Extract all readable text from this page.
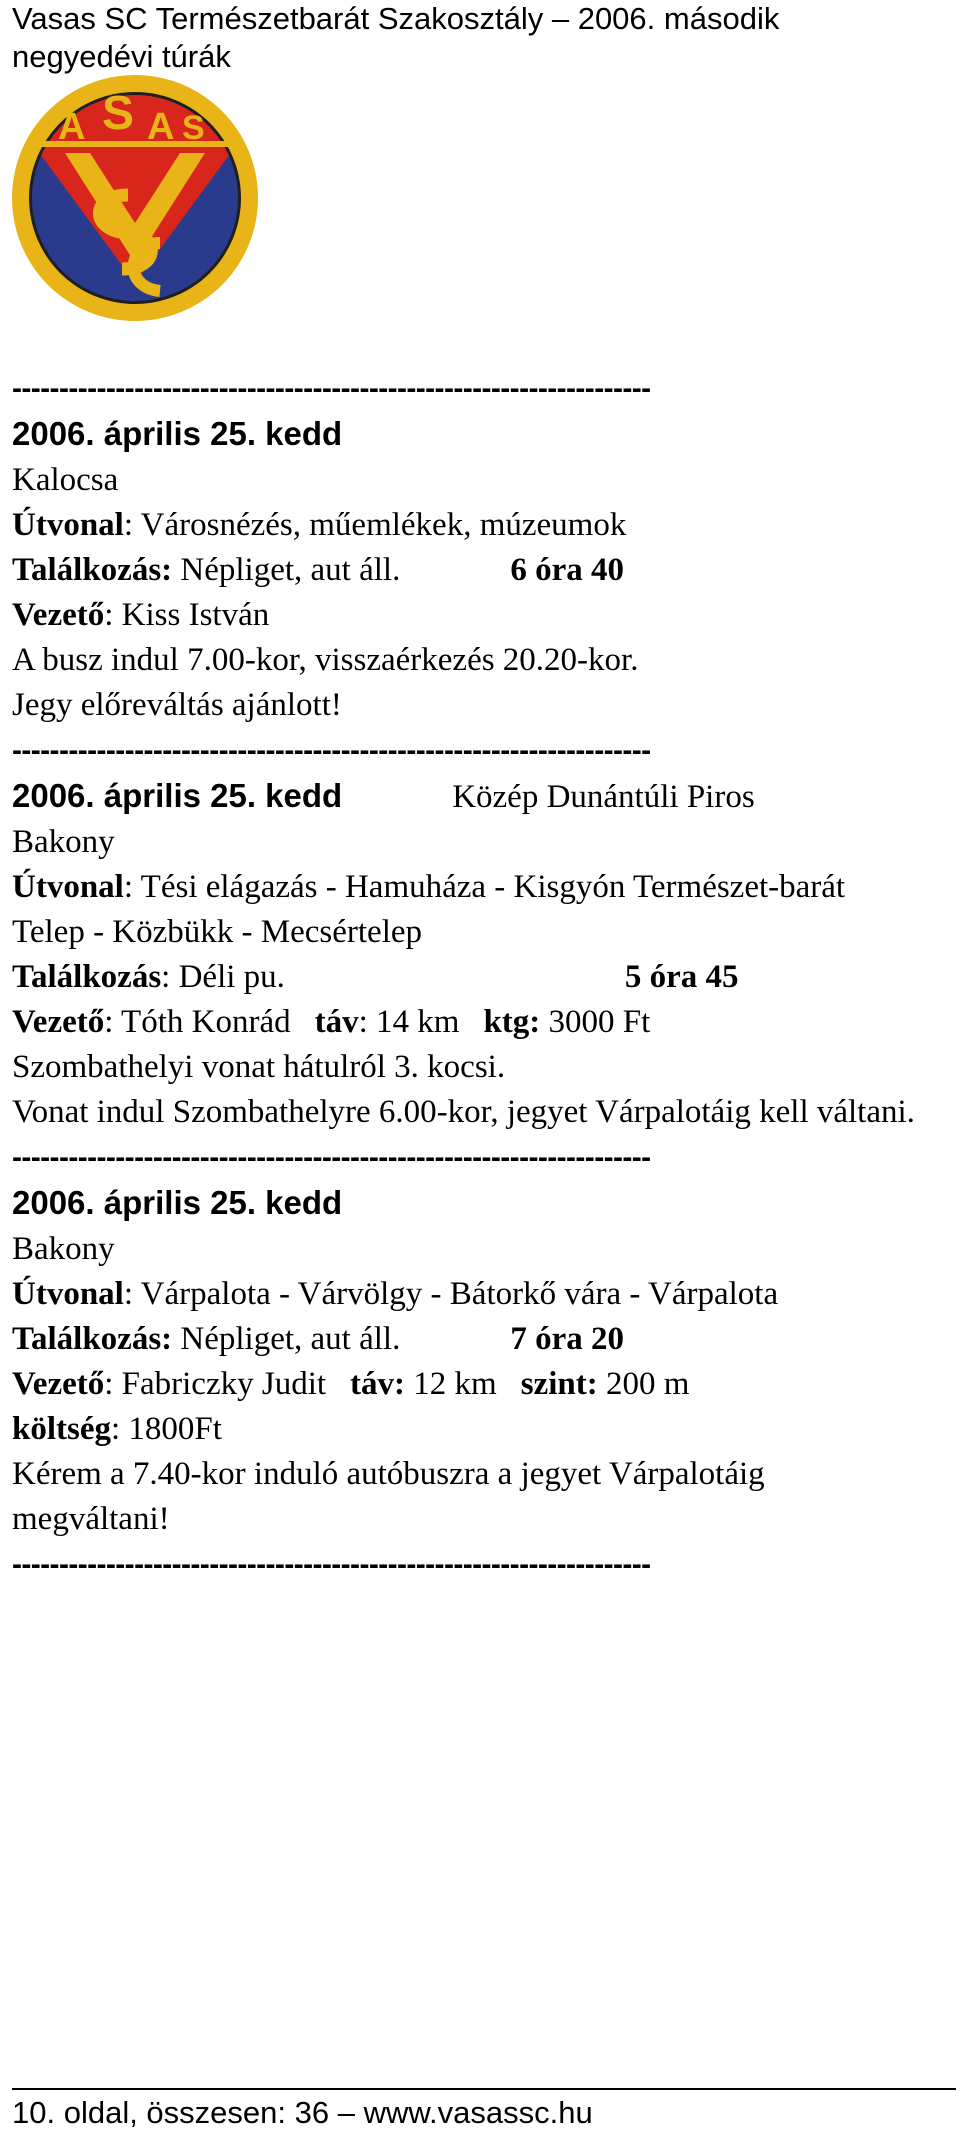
Vasas SC Természetbarát Szakosztály – 2006. második negyedévi túrák
A S A S
--------------------------------------------------------------------
2006. április 25. kedd
Kalocsa
Útvonal: Városnézés, műemlékek, múzeumok
Találkozás: Népliget, aut áll.	6 óra 40
Vezető: Kiss István
A busz indul 7.00-kor, visszaérkezés 20.20-kor.
Jegy előreváltás ajánlott!
--------------------------------------------------------------------
2006. április 25. kedd	Közép Dunántúli Piros
Bakony
Útvonal: Tési elágazás - Hamuháza - Kisgyón Természet-barát Telep - Közbükk - Mecsértelep
Találkozás: Déli pu.	5 óra 45
Vezető: Tóth Konrád táv: 14 km ktg: 3000 Ft
Szombathelyi vonat hátulról 3. kocsi.
Vonat indul Szombathelyre 6.00-kor, jegyet Várpalotáig kell váltani.
--------------------------------------------------------------------
2006. április 25. kedd
Bakony
Útvonal: Várpalota - Várvölgy - Bátorkő vára - Várpalota
Találkozás: Népliget, aut áll.	7 óra 20
Vezető: Fabriczky Judit táv: 12 km szint: 200 m
költség: 1800Ft
Kérem a 7.40-kor induló autóbuszra a jegyet Várpalotáig megváltani!
--------------------------------------------------------------------
10. oldal, összesen: 36 – www.vasassc.hu
